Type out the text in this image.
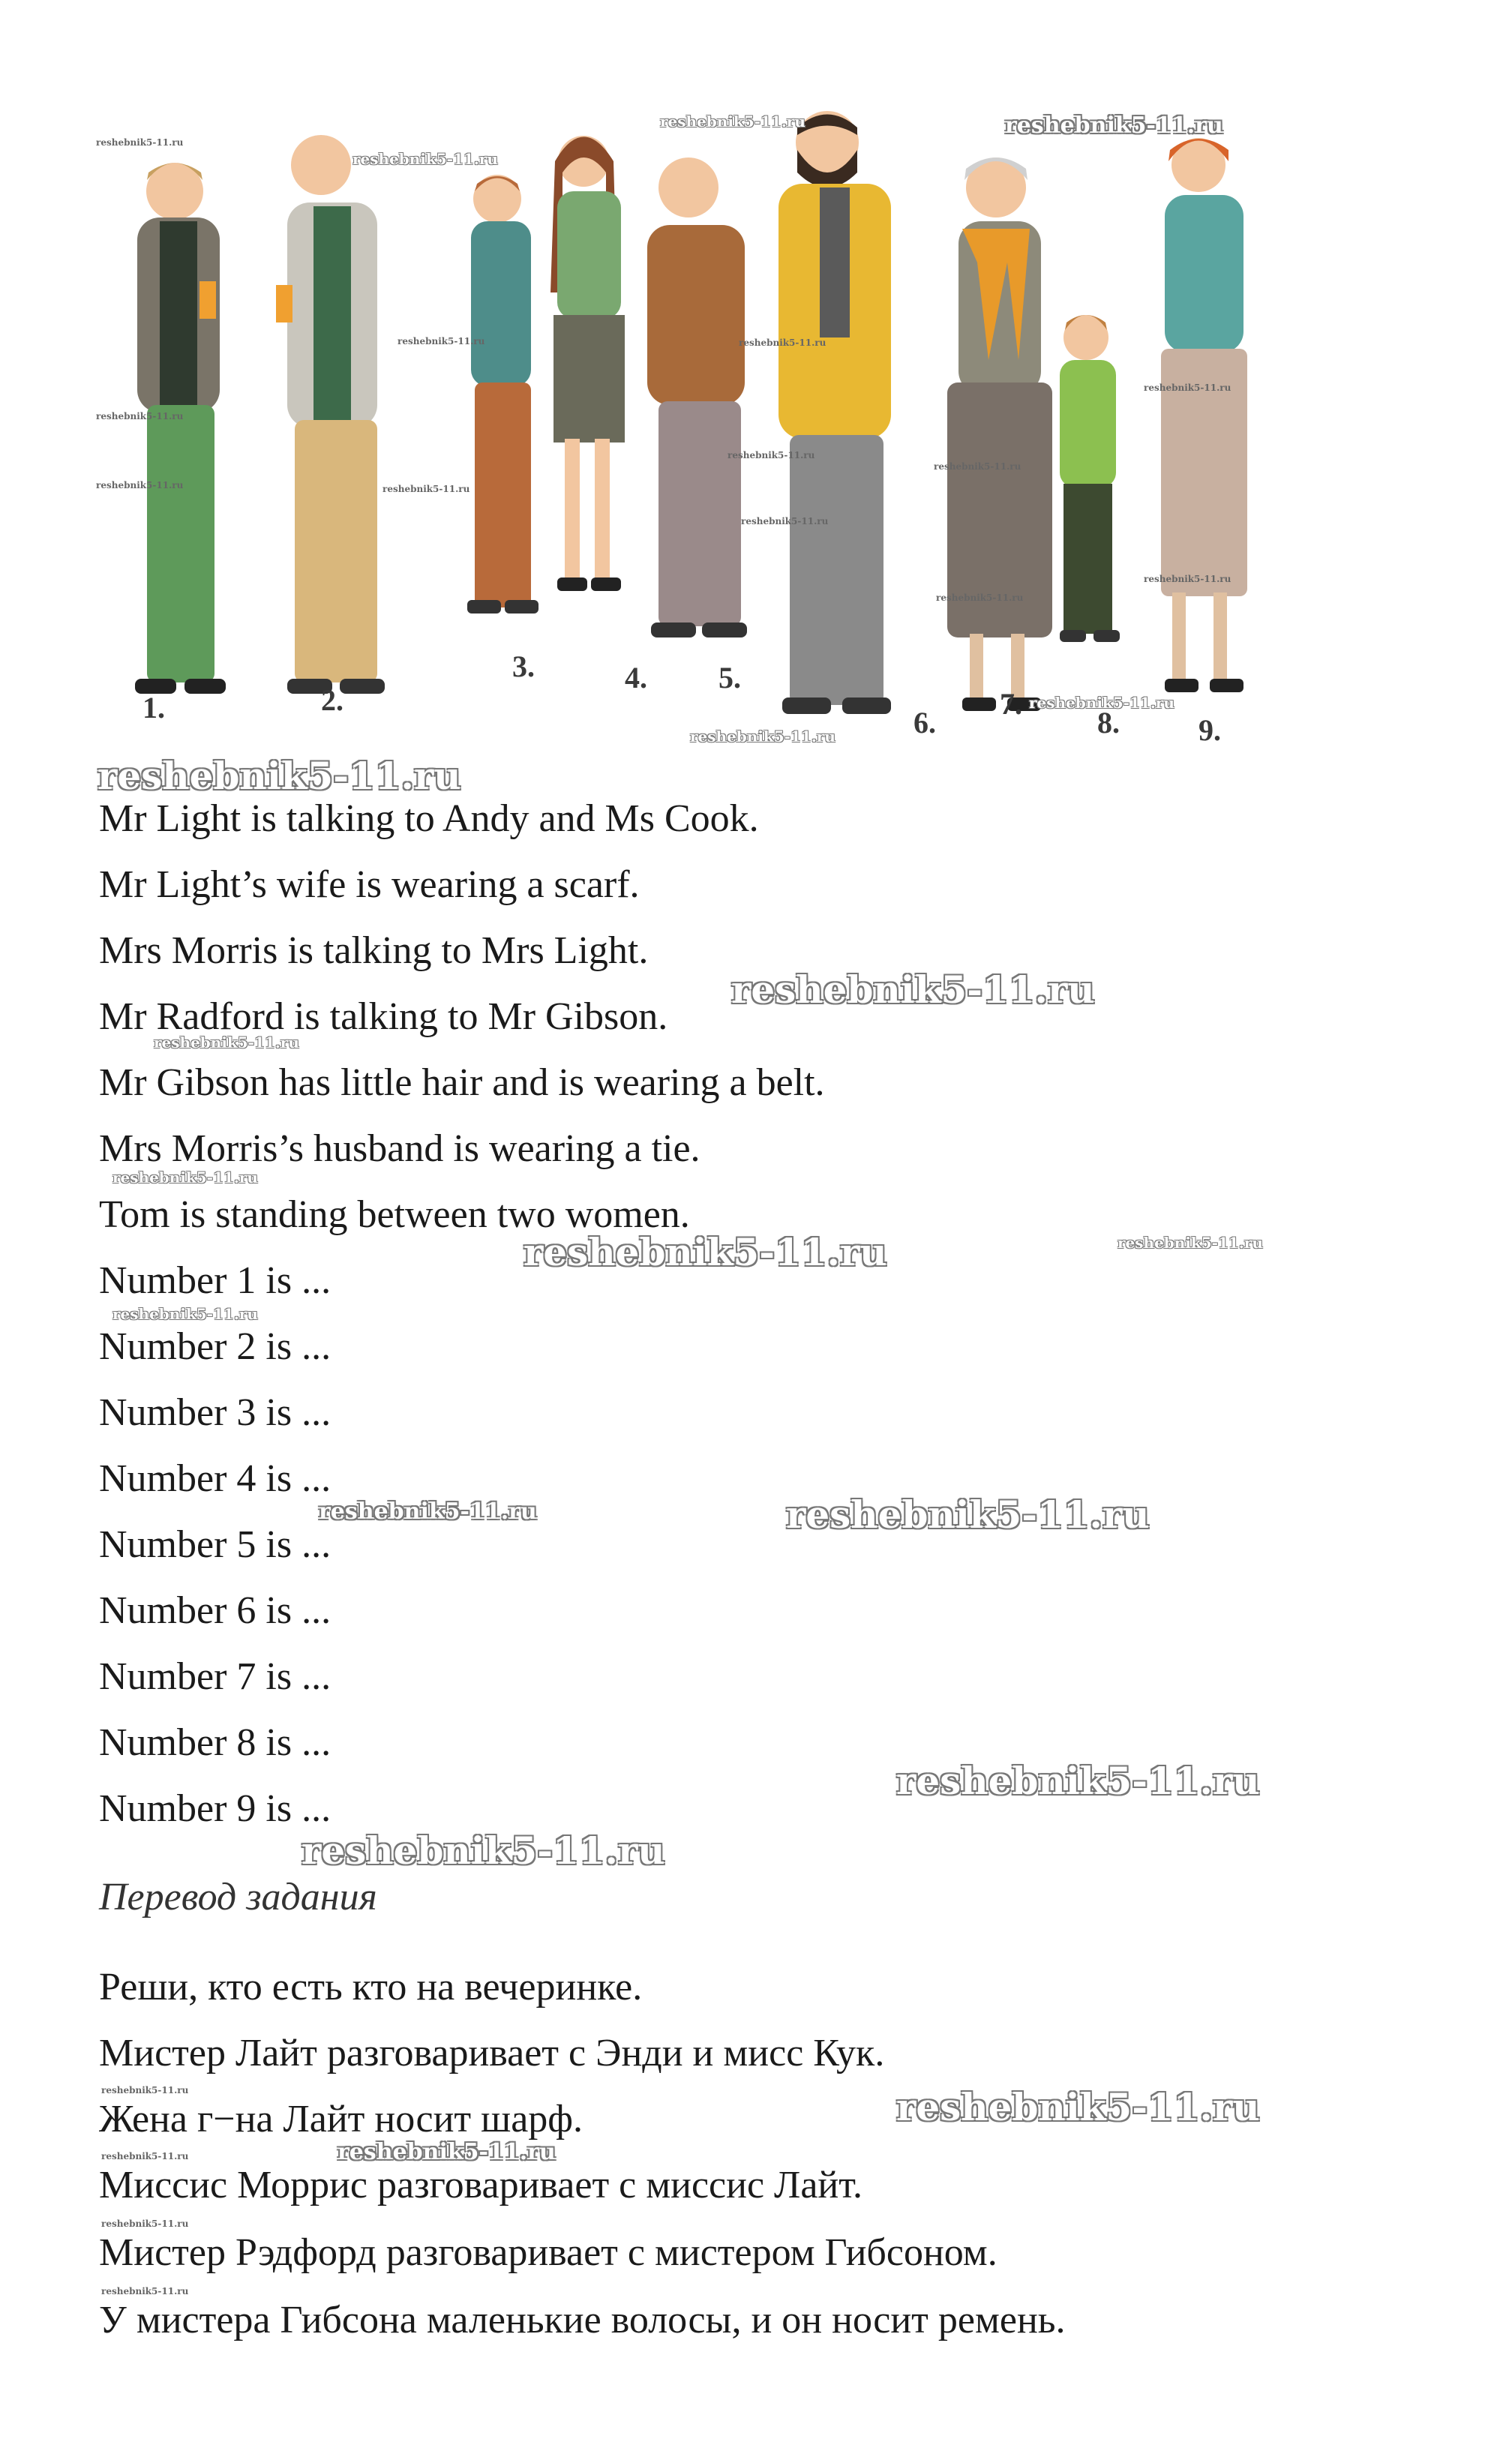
1.	2.
3.	4. 5.
6.
7.
8.	9.
reshebnik5-11.ru
reshebnik5-11.ru
reshebnik5-11.ru	reshebnik5-11.ru
reshebnik5-11.ru	reshebnik5-11.ru
reshebnik5-11.ru
reshebnik5-11.ru
reshebnik5-11.ru
reshebnik5-11.ru
reshebnik5-11.ru
reshebnik5-11.ru
reshebnik5-11.ru
reshebnik5-11.ru
reshebnik5-11.ru
reshebnik5-11.ru
reshebnik5-11.ru
reshebnik5-11.ru
reshebnik5-11.ru
reshebnik5-11.ru
reshebnik5-11.ru
reshebnik5-11.ru	reshebnik5-11.ru
reshebnik5-11.ru
reshebnik5-11.ru	reshebnik5-11.ru
reshebnik5-11.ru
reshebnik5-11.ru
reshebnik5-11.ru	reshebnik5-11.ru
reshebnik5-11.ru
reshebnik5-11.ru
reshebnik5-11.ru
reshebnik5-11.ru
Mr Light is talking to Andy and Ms Cook.
Mr Light’s wife is wearing a scarf.
Mrs Morris is talking to Mrs Light.
Mr Radford is talking to Mr Gibson.
Mr Gibson has little hair and is wearing a belt.
Mrs Morris’s husband is wearing a tie.
Tom is standing between two women.
Number 1 is ...
Number 2 is ...
Number 3 is ...
Number 4 is ...
Number 5 is ...
Number 6 is ...
Number 7 is ...
Number 8 is ...
Number 9 is ...
Перевод задания
Реши, кто есть кто на вечеринке.
Мистер Лайт разговаривает с Энди и мисс Кук.
Жена г−на Лайт носит шарф.
Миссис Моррис разговаривает с миссис Лайт.
Мистер Рэдфорд разговаривает с мистером Гибсоном.
У мистера Гибсона маленькие волосы, и он носит ремень.
